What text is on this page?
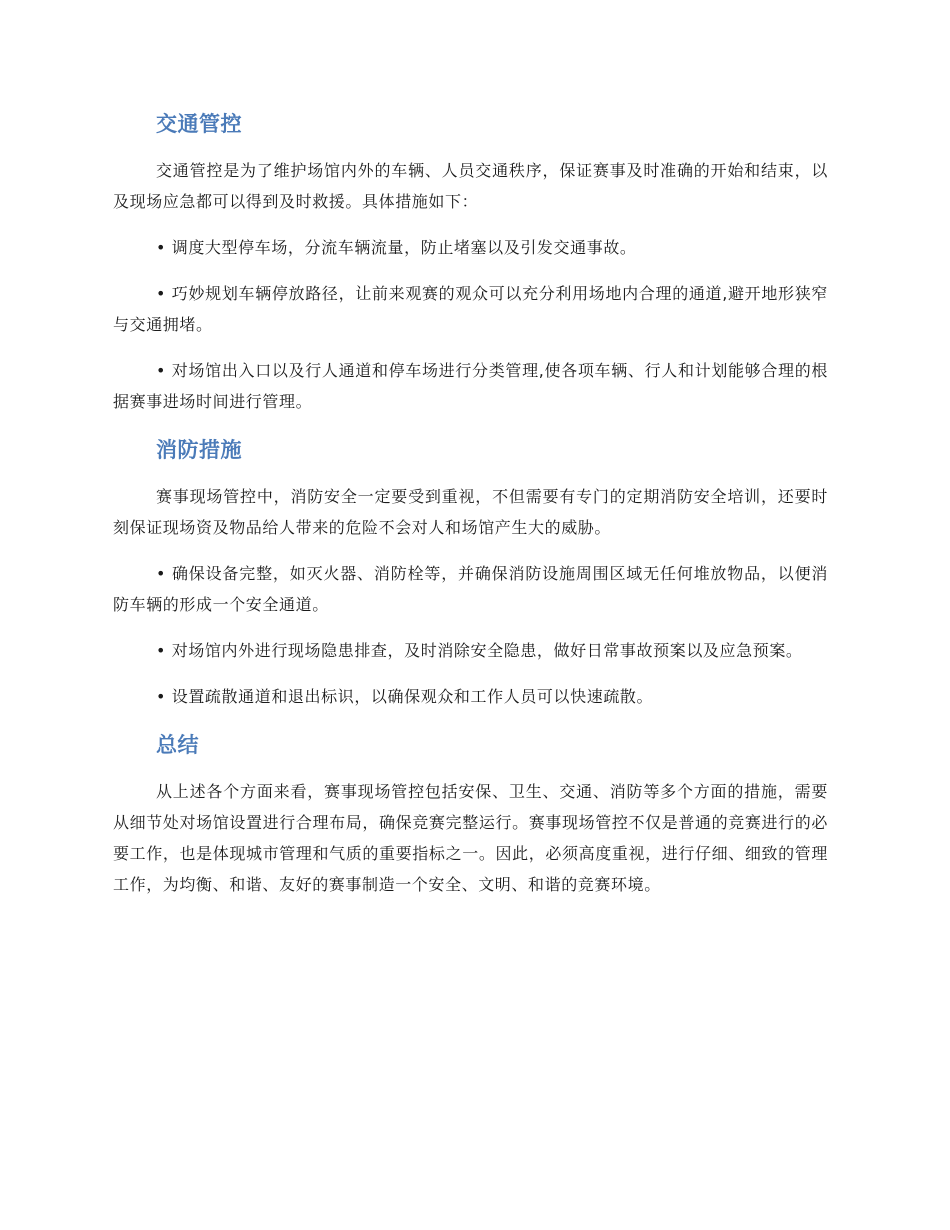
交通管控

交通管控是为了维护场馆内外的车辆、人员交通秩序，保证赛事及时准确的开始和结束，以及现场应急都可以得到及时救援。具体措施如下：

• 调度大型停车场，分流车辆流量，防止堵塞以及引发交通事故。

• 巧妙规划车辆停放路径，让前来观赛的观众可以充分利用场地内合理的通道,避开地形狭窄与交通拥堵。

• 对场馆出入口以及行人通道和停车场进行分类管理,使各项车辆、行人和计划能够合理的根据赛事进场时间进行管理。

消防措施

赛事现场管控中，消防安全一定要受到重视，不但需要有专门的定期消防安全培训，还要时刻保证现场资及物品给人带来的危险不会对人和场馆产生大的威胁。

• 确保设备完整，如灭火器、消防栓等，并确保消防设施周围区域无任何堆放物品，以便消防车辆的形成一个安全通道。

• 对场馆内外进行现场隐患排查，及时消除安全隐患，做好日常事故预案以及应急预案。

• 设置疏散通道和退出标识，以确保观众和工作人员可以快速疏散。

总结

从上述各个方面来看，赛事现场管控包括安保、卫生、交通、消防等多个方面的措施，需要从细节处对场馆设置进行合理布局，确保竞赛完整运行。赛事现场管控不仅是普通的竞赛进行的必要工作，也是体现城市管理和气质的重要指标之一。因此，必须高度重视，进行仔细、细致的管理工作，为均衡、和谐、友好的赛事制造一个安全、文明、和谐的竞赛环境。
